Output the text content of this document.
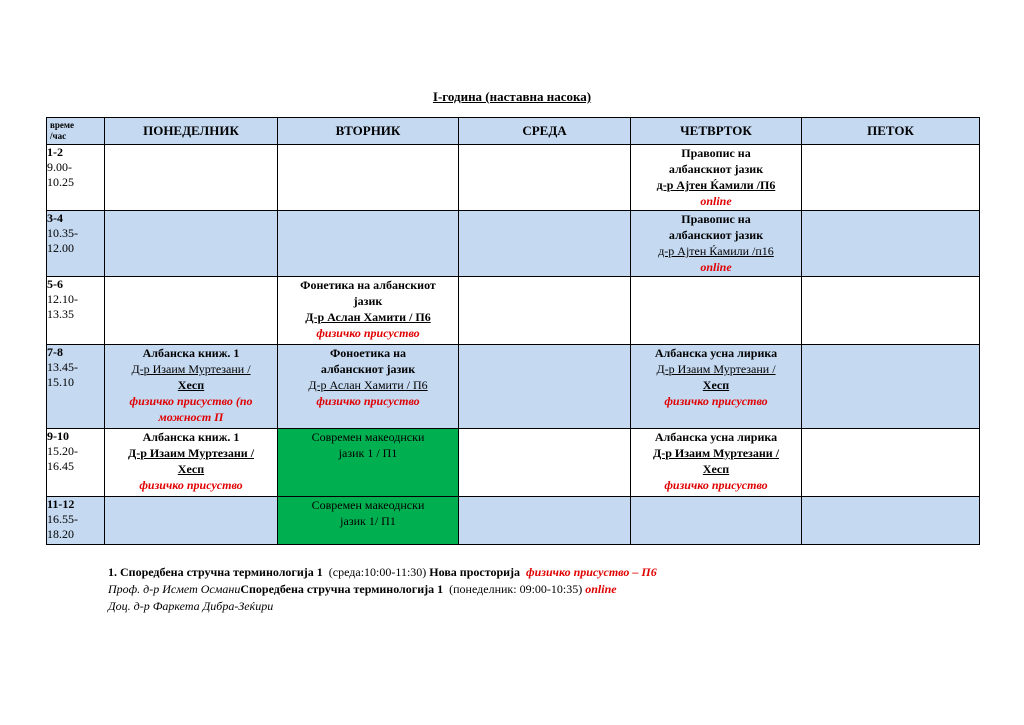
I-година (наставна насока)
време
/час	ПОНЕДЕЛНИК	ВТОРНИК	СРЕДА	ЧЕТВРТОК	ПЕТОК

1-2
9.00-
10.25				Правопис на
албанскиот јазик
д-р Ајтен Ќамили /П6
online	

3-4
10.35-
12.00				Правопис на
албанскиот јазик
д-р Ајтен Ќамили /п16
online	

5-6
12.10-
13.35		Фонетика на албанскиот
јазик
Д-р Аслан Хамити / П6
физичко присуство			

7-8
13.45-
15.10	Албанска книж. 1
Д-р Изаим Муртезани /
Хесп
физичко присуство (по
можност П	Фоноетика на
албанскиот јазик
Д-р Аслан Хамити / П6
физичко присуство		Албанска усна лирика
Д-р Изаим Муртезани /
Хесп
физичко присуство	

9-10
15.20-
16.45	Албанска книж. 1
Д-р Изаим Муртезани /
Хесп
физичко присуство	Современ макеоднски
јазик 1 / П1		Албанска усна лирика
Д-р Изаим Муртезани /
Хесп
физичко присуство	

11-12
16.55-
18.20		Современ макеоднски
јазик 1/ П1			

1. Споредбена стручна терминологија 1 (среда:10:00-11:30) Нова просторија физичко присуство – П6
Проф. д-р Исмет ОсманиСпоредбена стручна терминологија 1 (понеделник: 09:00-10:35) online
Доц. д-р Фаркета Дибра-Зеќири
